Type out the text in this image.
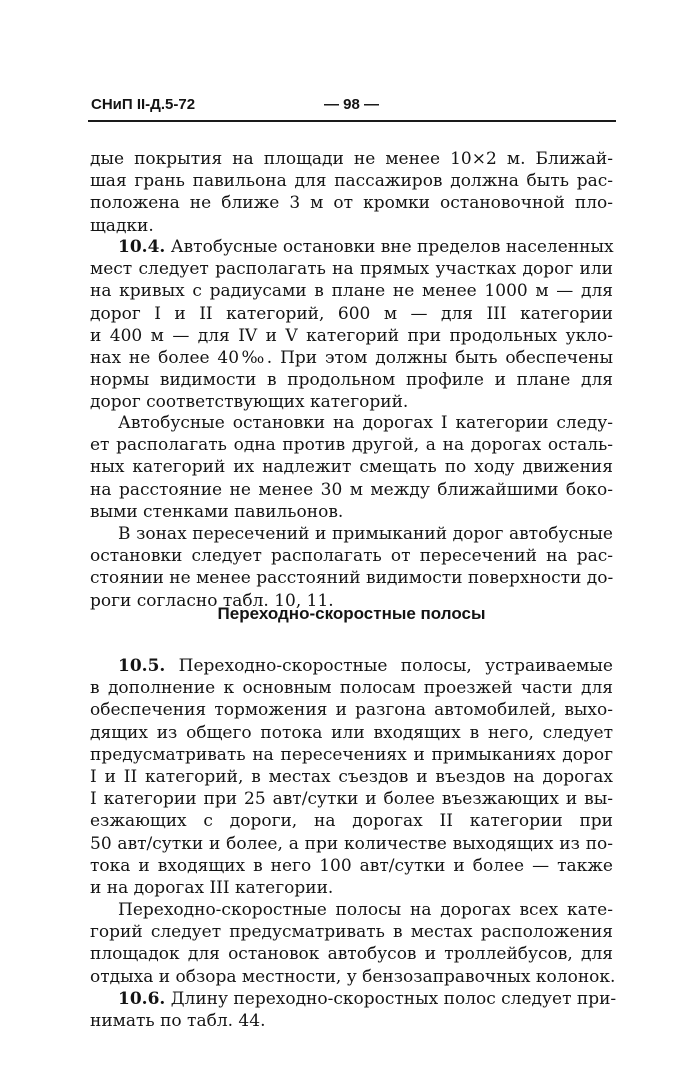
СНиП II-Д.5-72	— 98 —
дые покрытия на площади не менее 10×2 м. Ближай-
шая грань павильона для пассажиров должна быть рас-
положена не ближе 3 м от кромки остановочной пло-
щадки.
10.4. Автобусные остановки вне пределов населенных
мест следует располагать на прямых участках дорог или
на кривых с радиусами в плане не менее 1000 м — для
дорог I и II категорий, 600 м — для III категории
и 400 м — для IV и V категорий при продольных укло-
нах не более 40‰. При этом должны быть обеспечены
нормы видимости в продольном профиле и плане для
дорог соответствующих категорий.
Автобусные остановки на дорогах I категории следу-
ет располагать одна против другой, а на дорогах осталь-
ных категорий их надлежит смещать по ходу движения
на расстояние не менее 30 м между ближайшими боко-
выми стенками павильонов.
В зонах пересечений и примыканий дорог автобусные
остановки следует располагать от пересечений на рас-
стоянии не менее расстояний видимости поверхности до-
роги согласно табл. 10, 11.
Переходно-скоростные полосы
10.5. Переходно-скоростные полосы, устраиваемые
в дополнение к основным полосам проезжей части для
обеспечения торможения и разгона автомобилей, выхо-
дящих из общего потока или входящих в него, следует
предусматривать на пересечениях и примыканиях дорог
I и II категорий, в местах съездов и въездов на дорогах
I категории при 25 авт/сутки и более въезжающих и вы-
езжающих с дороги, на дорогах II категории при
50 авт/сутки и более, а при количестве выходящих из по-
тока и входящих в него 100 авт/сутки и более — также
и на дорогах III категории.
Переходно-скоростные полосы на дорогах всех кате-
горий следует предусматривать в местах расположения
площадок для остановок автобусов и троллейбусов, для
отдыха и обзора местности, у бензозаправочных колонок.
10.6. Длину переходно-скоростных полос следует при-
нимать по табл. 44.
